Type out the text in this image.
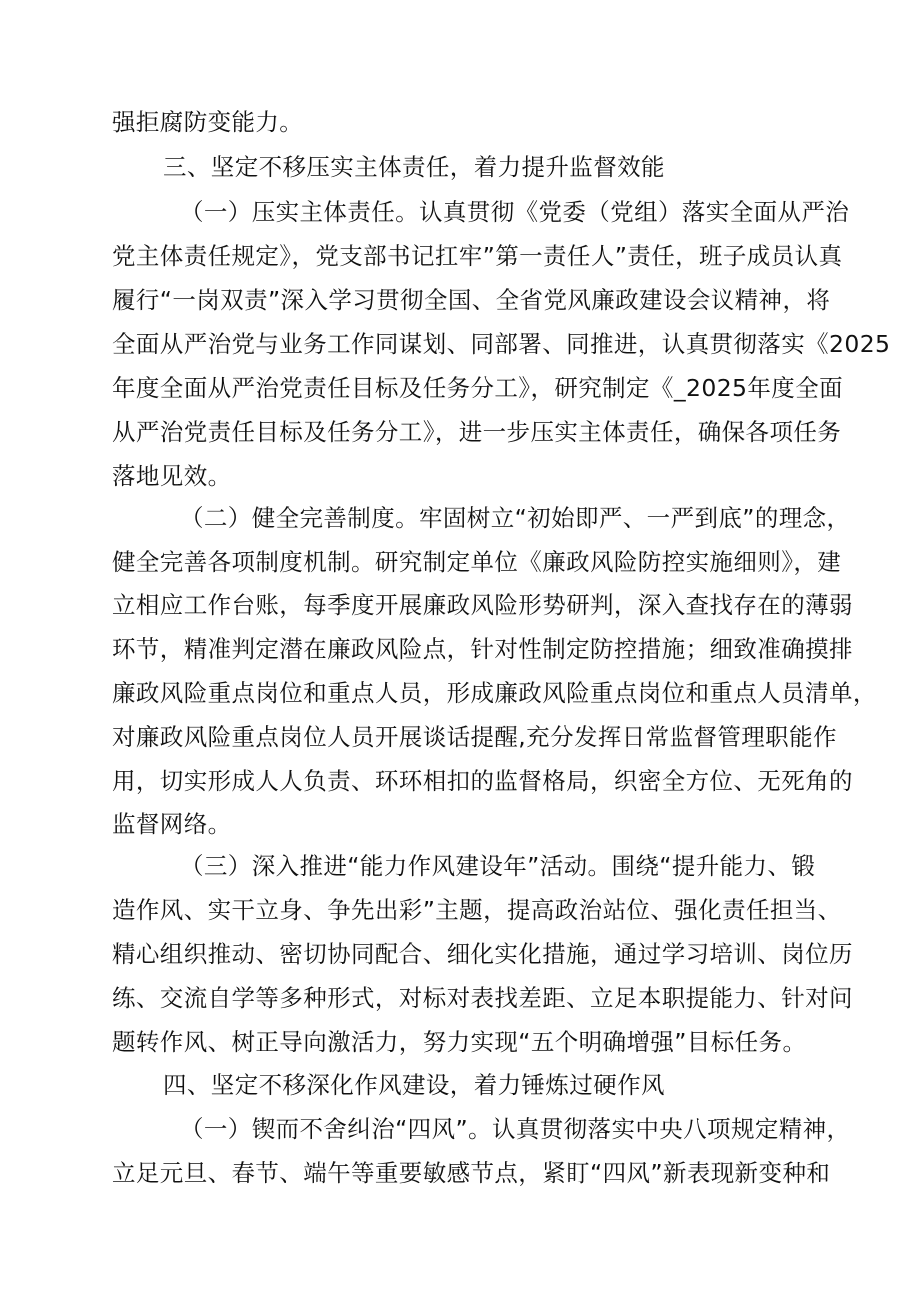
强拒腐防变能力。
三、坚定不移压实主体责任，着力提升监督效能
（一）压实主体责任。认真贯彻《党委（党组）落实全面从严治
党主体责任规定》，党支部书记扛牢”第一责任人”责任，班子成员认真
履行“一岗双责”深入学习贯彻全国、全省党风廉政建设会议精神，将
全面从严治党与业务工作同谋划、同部署、同推进，认真贯彻落实《2025
年度全面从严治党责任目标及任务分工》，研究制定《_2025年度全面
从严治党责任目标及任务分工》，进一步压实主体责任，确保各项任务
落地见效。
（二）健全完善制度。牢固树立“初始即严、一严到底”的理念，
健全完善各项制度机制。研究制定单位《廉政风险防控实施细则》，建
立相应工作台账，每季度开展廉政风险形势研判，深入查找存在的薄弱
环节，精准判定潜在廉政风险点，针对性制定防控措施；细致准确摸排
廉政风险重点岗位和重点人员，形成廉政风险重点岗位和重点人员清单，
对廉政风险重点岗位人员开展谈话提醒,充分发挥日常监督管理职能作
用，切实形成人人负责、环环相扣的监督格局，织密全方位、无死角的
监督网络。
（三）深入推进“能力作风建设年”活动。围绕“提升能力、锻
造作风、实干立身、争先出彩”主题，提高政治站位、强化责任担当、
精心组织推动、密切协同配合、细化实化措施，通过学习培训、岗位历
练、交流自学等多种形式，对标对表找差距、立足本职提能力、针对问
题转作风、树正导向激活力，努力实现“五个明确增强”目标任务。
四、坚定不移深化作风建设，着力锤炼过硬作风
（一）锲而不舍纠治“四风”。认真贯彻落实中央八项规定精神，
立足元旦、春节、端午等重要敏感节点，紧盯“四风”新表现新变种和
